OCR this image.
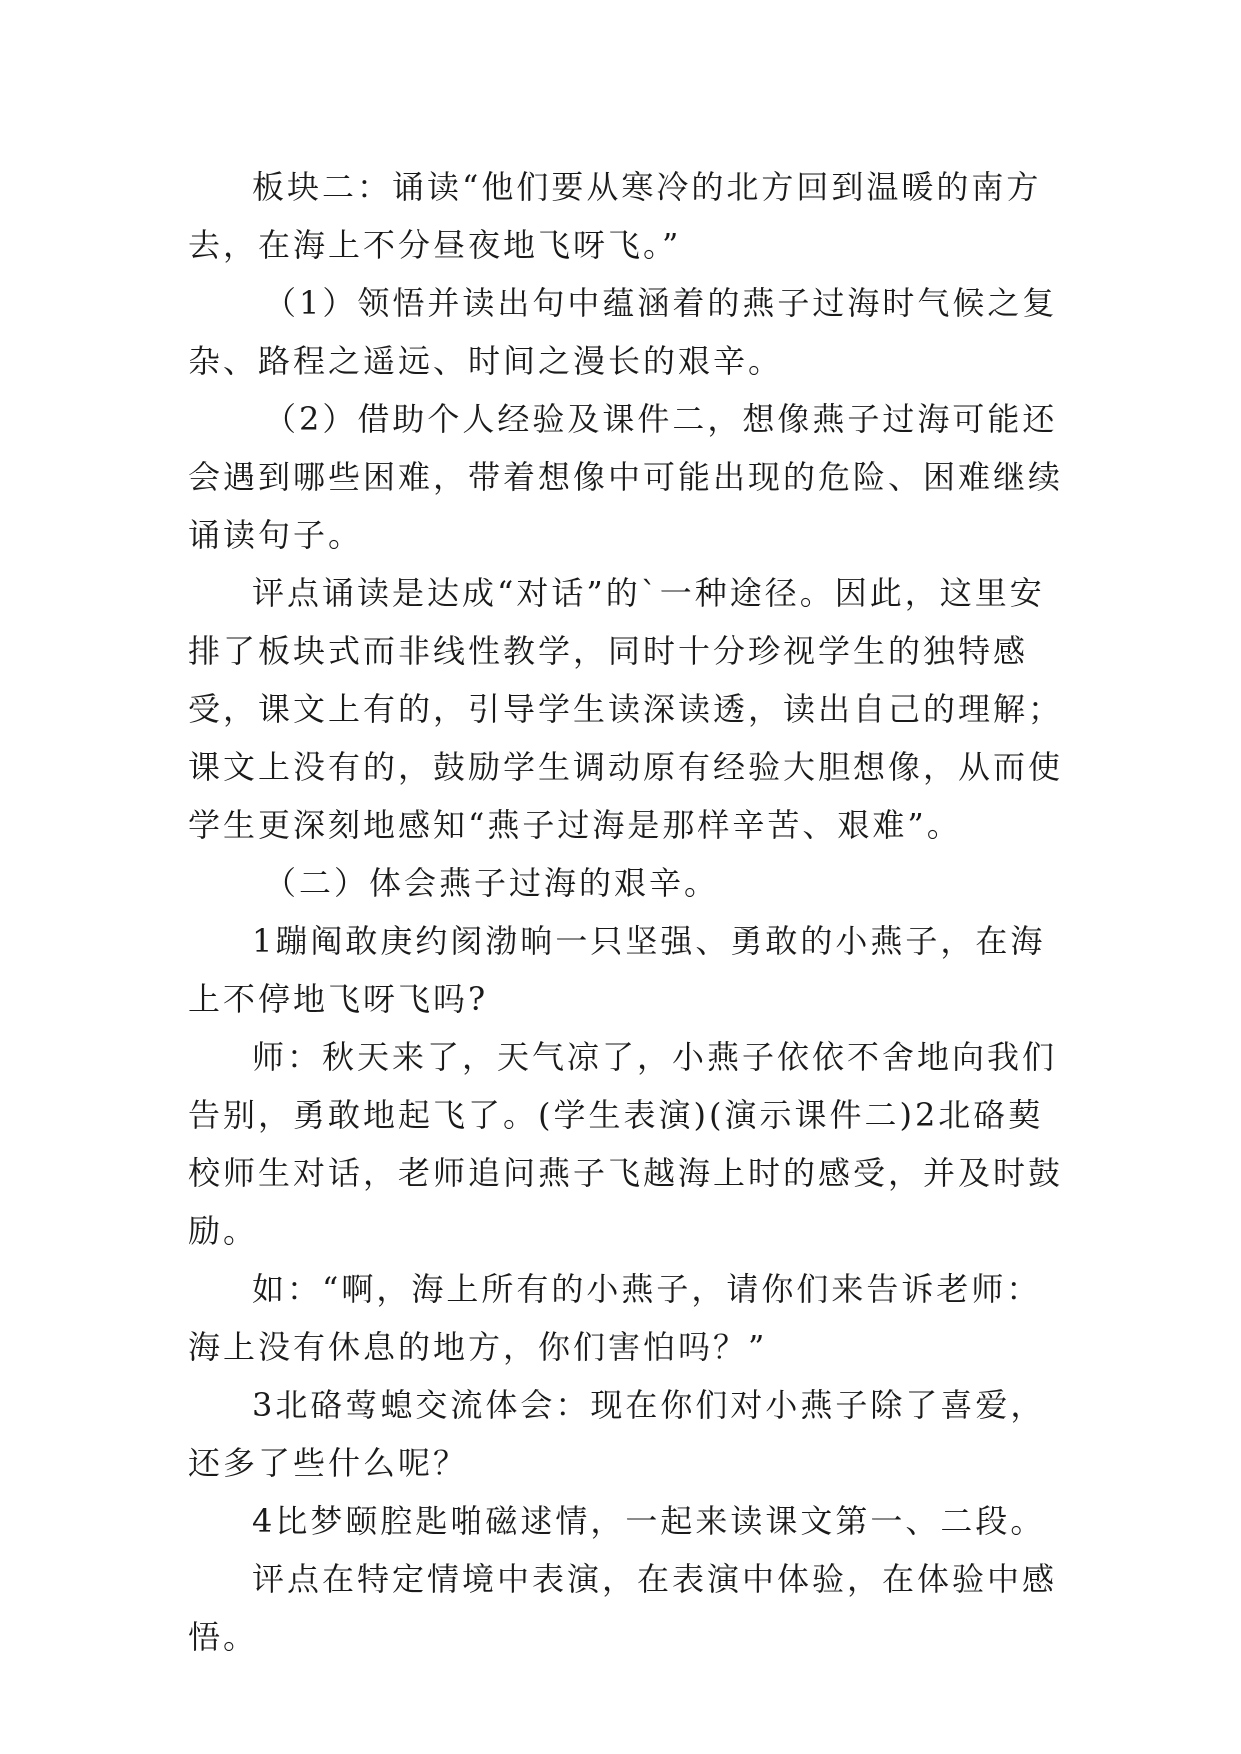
板块二：诵读“他们要从寒冷的北方回到温暖的南方去，在海上不分昼夜地飞呀飞。”

（1）领悟并读出句中蕴涵着的燕子过海时气候之复杂、路程之遥远、时间之漫长的艰辛。

（2）借助个人经验及课件二，想像燕子过海可能还会遇到哪些困难，带着想像中可能出现的危险、困难继续诵读句子。

评点诵读是达成“对话”的`一种途径。因此，这里安排了板块式而非线性教学，同时十分珍视学生的独特感受，课文上有的，引导学生读深读透，读出自己的理解；课文上没有的，鼓励学生调动原有经验大胆想像，从而使学生更深刻地感知“燕子过海是那样辛苦、艰难”。

（二）体会燕子过海的艰辛。

1蹦阄敢庚约阂渤晌一只坚强、勇敢的小燕子，在海上不停地飞呀飞吗?

师：秋天来了，天气凉了，小燕子依依不舍地向我们告别，勇敢地起飞了。(学生表演)(演示课件二)2北硌葜校师生对话，老师追问燕子飞越海上时的感受，并及时鼓励。

如：“啊，海上所有的小燕子，请你们来告诉老师：海上没有休息的地方，你们害怕吗？”

3北硌莺螅交流体会：现在你们对小燕子除了喜爱，还多了些什么呢？

4比梦颐腔匙啪磁逑情，一起来读课文第一、二段。

评点在特定情境中表演，在表演中体验，在体验中感悟。
